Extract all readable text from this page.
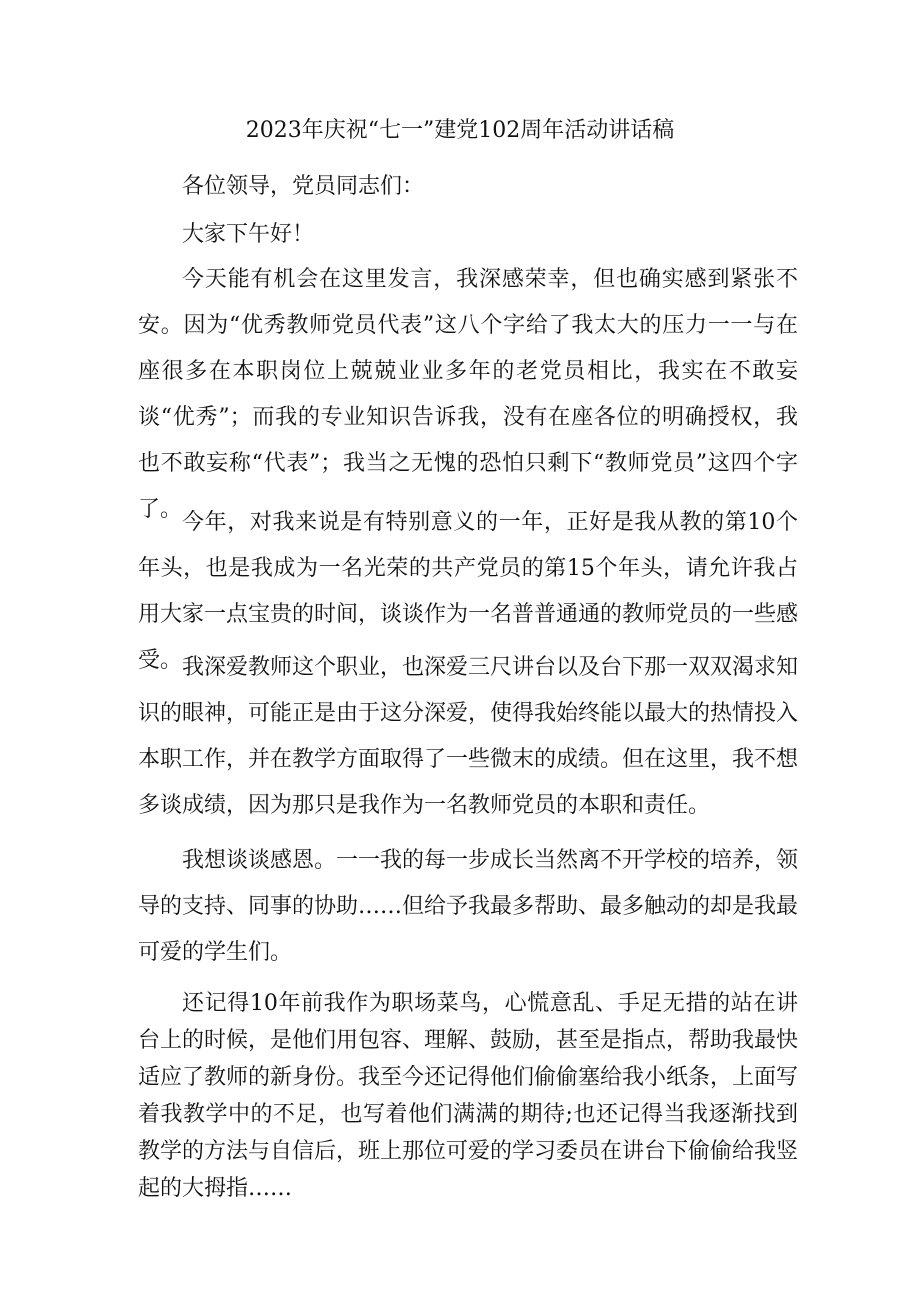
2023年庆祝“七一”建党102周年活动讲话稿

各位领导，党员同志们：

大家下午好！

今天能有机会在这里发言，我深感荣幸，但也确实感到紧张不安。因为“优秀教师党员代表”这八个字给了我太大的压力一一与在座很多在本职岗位上兢兢业业多年的老党员相比，我实在不敢妄谈“优秀”；而我的专业知识告诉我，没有在座各位的明确授权，我也不敢妄称“代表”；我当之无愧的恐怕只剩下“教师党员”这四个字了。

今年，对我来说是有特别意义的一年，正好是我从教的第10个年头，也是我成为一名光荣的共产党员的第15个年头，请允许我占用大家一点宝贵的时间，谈谈作为一名普普通通的教师党员的一些感受。 我深爱教师这个职业，也深爱三尺讲台以及台下那一双双渴求知识的眼神，可能正是由于这分深爱，使得我始终能以最大的热情投入本职工作，并在教学方面取得了一些微末的成绩。但在这里，我不想多谈成绩，因为那只是我作为一名教师党员的本职和责任。

我想谈谈感恩。一一我的每一步成长当然离不开学校的培养，领导的支持、同事的协助……但给予我最多帮助、最多触动的却是我最可爱的学生们。

还记得10年前我作为职场菜鸟，心慌意乱、手足无措的站在讲台上的时候，是他们用包容、理解、鼓励，甚至是指点，帮助我最快适应了教师的新身份。我至今还记得他们偷偷塞给我小纸条，上面写着我教学中的不足，也写着他们满满的期待;也还记得当我逐渐找到教学的方法与自信后，班上那位可爱的学习委员在讲台下偷偷给我竖起的大拇指……
